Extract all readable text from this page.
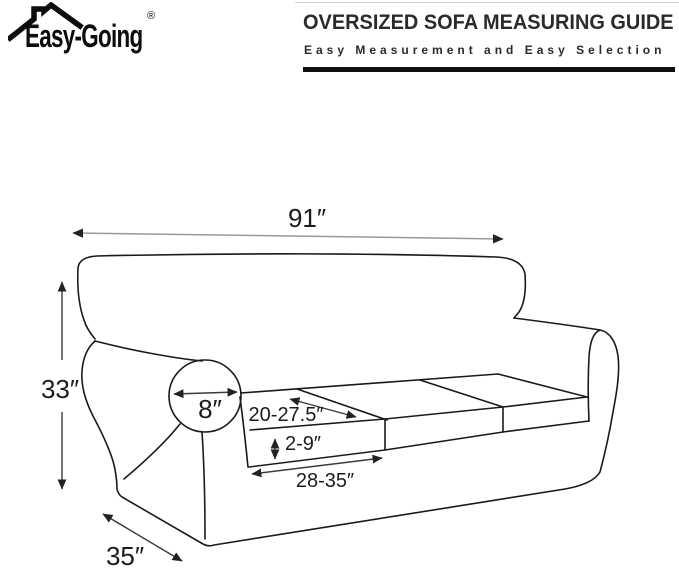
Easy-Going
®	OVERSIZED SOFA MEASURING GUIDE
Easy Measurement and Easy Selection
91″
33″
8″ 20-27.5″
2-9″
28-35″
35″
